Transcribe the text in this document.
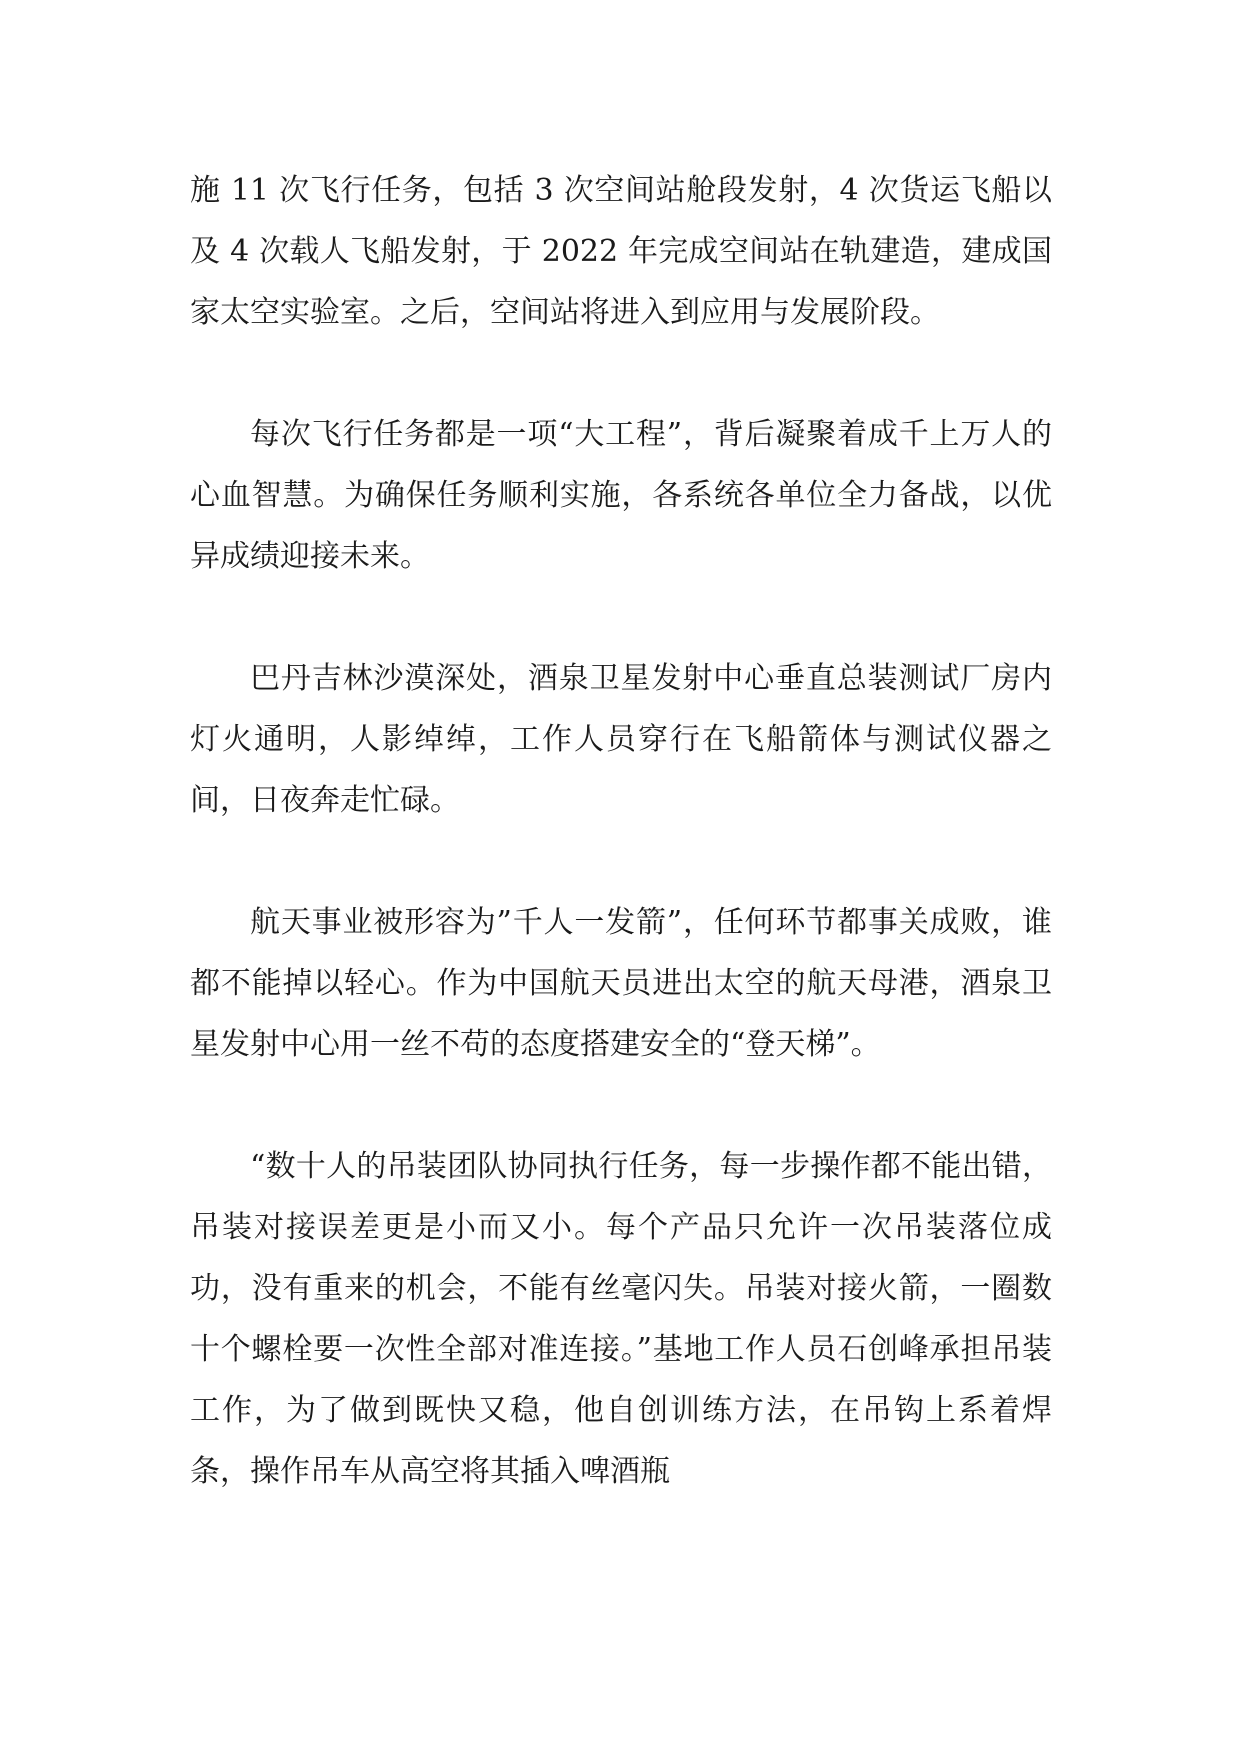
施 11 次飞行任务，包括 3 次空间站舱段发射，4 次货运飞船以及 4 次载人飞船发射，于 2022 年完成空间站在轨建造，建成国家太空实验室。之后，空间站将进入到应用与发展阶段。

每次飞行任务都是一项“大工程”，背后凝聚着成千上万人的心血智慧。为确保任务顺利实施，各系统各单位全力备战，以优异成绩迎接未来。

巴丹吉林沙漠深处，酒泉卫星发射中心垂直总装测试厂房内灯火通明，人影绰绰，工作人员穿行在飞船箭体与测试仪器之间，日夜奔走忙碌。

航天事业被形容为”千人一发箭”，任何环节都事关成败，谁都不能掉以轻心。作为中国航天员进出太空的航天母港，酒泉卫星发射中心用一丝不苟的态度搭建安全的“登天梯”。

“数十人的吊装团队协同执行任务，每一步操作都不能出错，吊装对接误差更是小而又小。每个产品只允许一次吊装落位成功，没有重来的机会，不能有丝毫闪失。吊装对接火箭，一圈数十个螺栓要一次性全部对准连接。”基地工作人员石创峰承担吊装工作，为了做到既快又稳，他自创训练方法，在吊钩上系着焊条，操作吊车从高空将其插入啤酒瓶
